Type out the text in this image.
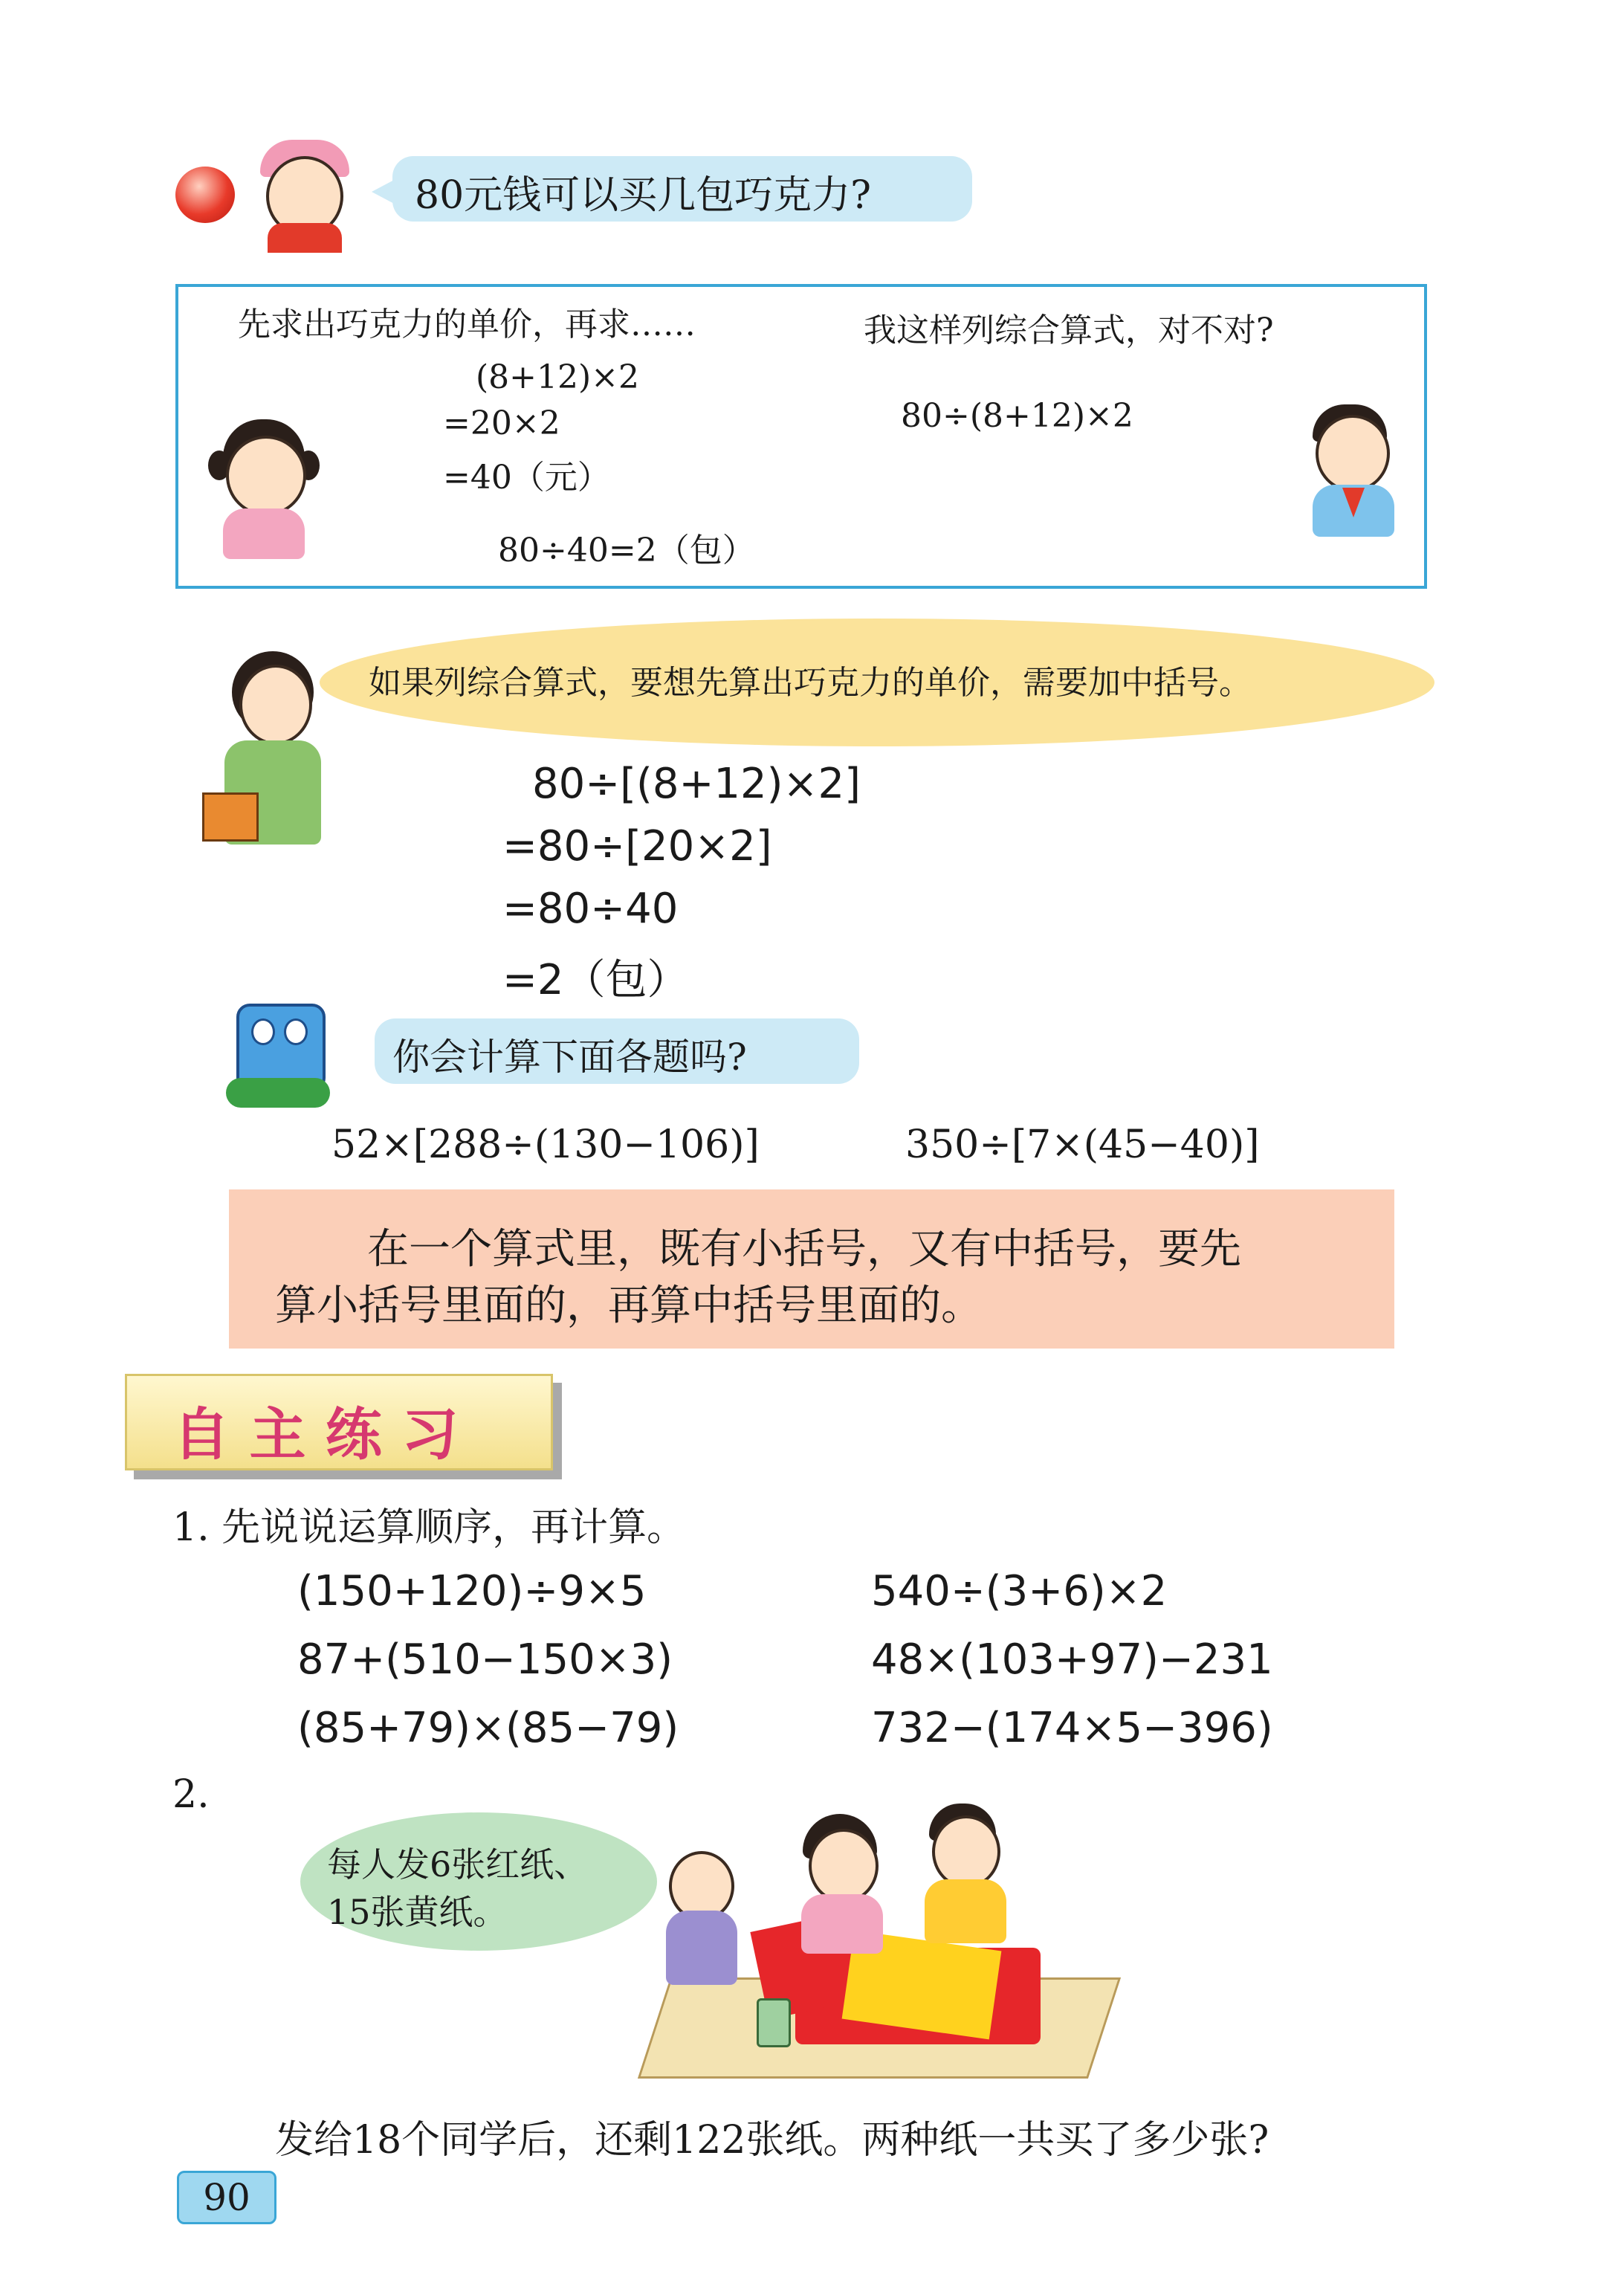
80元钱可以买几包巧克力?
先求出巧克力的单价，再求……
(8+12)×2
=20×2
=40（元）
80÷40=2（包）
我这样列综合算式，对不对?
80÷(8+12)×2
如果列综合算式，要想先算出巧克力的单价，需要加中括号。
80÷[(8+12)×2]
=80÷[20×2]
=80÷40
=2（包）
你会计算下面各题吗?
52×[288÷(130−106)]	350÷[7×(45−40)]
在一个算式里，既有小括号，又有中括号，要先
算小括号里面的，再算中括号里面的。
自 主 练 习
1. 先说说运算顺序，再计算。
(150+120)÷9×5	540÷(3+6)×2
87+(510−150×3)	48×(103+97)−231
(85+79)×(85−79)	732−(174×5−396)
2.
每人发6张红纸、
15张黄纸。
发给18个同学后，还剩122张纸。两种纸一共买了多少张?
90
